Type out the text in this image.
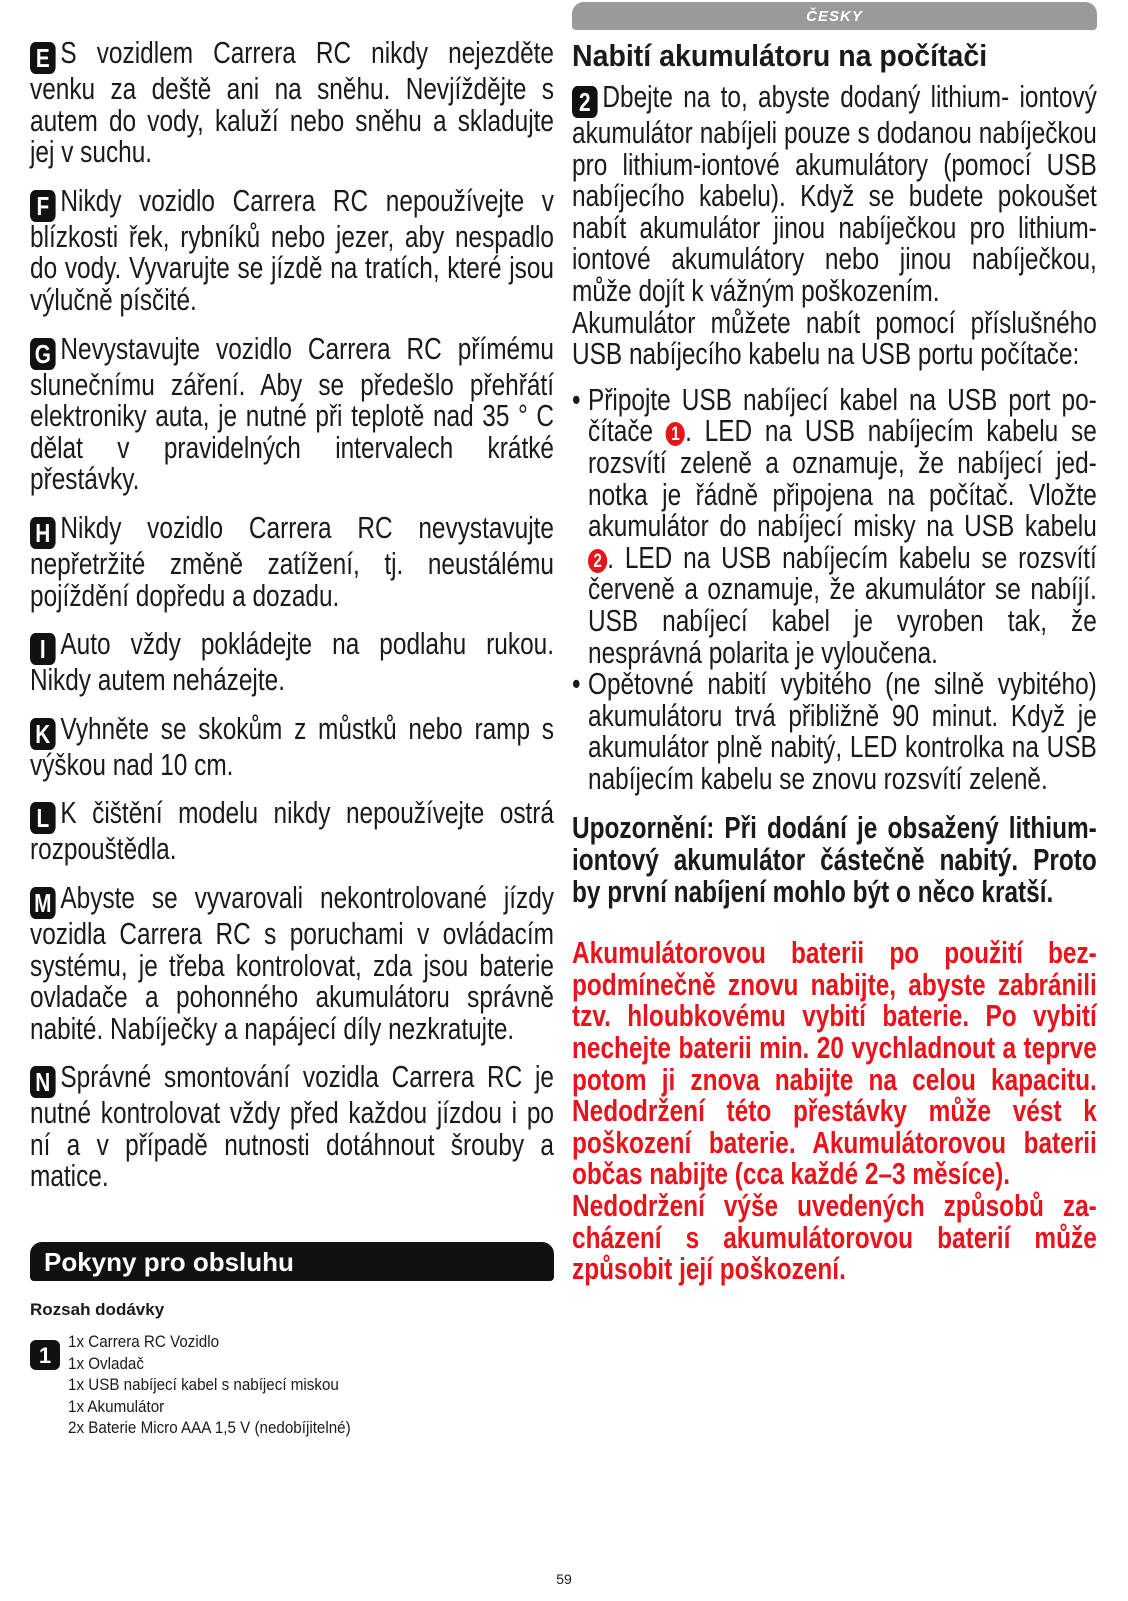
ČESKY

E S vozidlem Carrera RC nikdy nejezděte venku za deště ani na sněhu. Nevjíždějte s autem do vody, kaluží nebo sněhu a skladujte jej v suchu.

F Nikdy vozidlo Carrera RC nepoužívejte v blízkosti řek, rybníků nebo jezer, aby nespadlo do vody. Vyvarujte se jízdě na tratích, které jsou výlučně písčité.

G Nevystavujte vozidlo Carrera RC přímému slunečnímu záření. Aby se předešlo přehřátí elektroniky auta, je nutné při teplotě nad 35 ° C dělat v pravidelných intervalech krátké přestávky.

H Nikdy vozidlo Carrera RC nevystavujte nepřetržité změně zatížení, tj. neustálému pojíždění dopředu a dozadu.

I Auto vždy pokládejte na podlahu rukou. Nikdy autem neházejte.

K Vyhněte se skokům z můstků nebo ramp s výškou nad 10 cm.

L K čištění modelu nikdy nepoužívejte ostrá rozpouštědla.

M Abyste se vyvarovali nekontrolované jízdy vozidla Carrera RC s poruchami v ovládacím systému, je třeba kontrolovat, zda jsou baterie ovladače a pohonného akumulátoru správně nabité. Nabíječky a napájecí díly nezkratujte.

N Správné smontování vozidla Carrera RC je nutné kontrolovat vždy před každou jízdou i po ní a v případě nutnosti dotáhnout šrouby a matice.

Pokyny pro obsluhu
Rozsah dodávky
1
1x Carrera RC Vozidlo
1x Ovladač
1x USB nabíjecí kabel s nabíjecí miskou
1x Akumulátor
2x Baterie Micro AAA 1,5 V (nedobíjitelné)
Nabití akumulátoru na počítači

2 Dbejte na to, abyste dodaný lithium- iontový akumulátor nabíjeli pouze s dodanou nabíječkou pro lithium-iontové akumulátory (pomocí USB nabíjecího kabelu). Když se budete pokoušet nabít akumulátor jinou nabíječkou pro lithium-iontové akumulátory nebo jinou nabíječkou, může dojít k vážným poškozením.

Akumulátor můžete nabít pomocí příslušného USB nabíjecího kabelu na USB portu počítače:

• Připojte USB nabíjecí kabel na USB port počítače 1 . LED na USB nabíjecím kabelu se rozsvítí zeleně a oznamuje, že nabíjecí jednotka je řádně připojena na počítač. Vložte akumulátor do nabíjecí misky na USB kabelu 2 . LED na USB nabíjecím kabelu se rozsvítí červeně a oznamuje, že akumulátor se nabíjí. USB nabíjecí kabel je vyroben tak, že nesprávná polarita je vyloučena.
• Opětovné nabití vybitého (ne silně vybitého) akumulátoru trvá přibližně 90 minut. Když je akumulátor plně nabitý, LED kontrolka na USB nabíjecím kabelu se znovu rozsvítí zeleně.

Upozornění: Při dodání je obsažený lithium-iontový akumulátor částečně nabitý. Proto by první nabíjení mohlo být o něco kratší.

Akumulátorovou baterii po použití bezpodmínečně znovu nabijte, abyste zabránili tzv. hloubkovému vybití baterie. Po vybití nechejte baterii min. 20 vychladnout a teprve potom ji znova nabijte na celou kapacitu. Nedodržení této přestávky může vést k poškození baterie. Akumulátorovou baterii občas nabijte (cca každé 2–3 měsíce).

Nedodržení výše uvedených způsobů zacházení s akumulátorovou baterií může způsobit její poškození.

59
